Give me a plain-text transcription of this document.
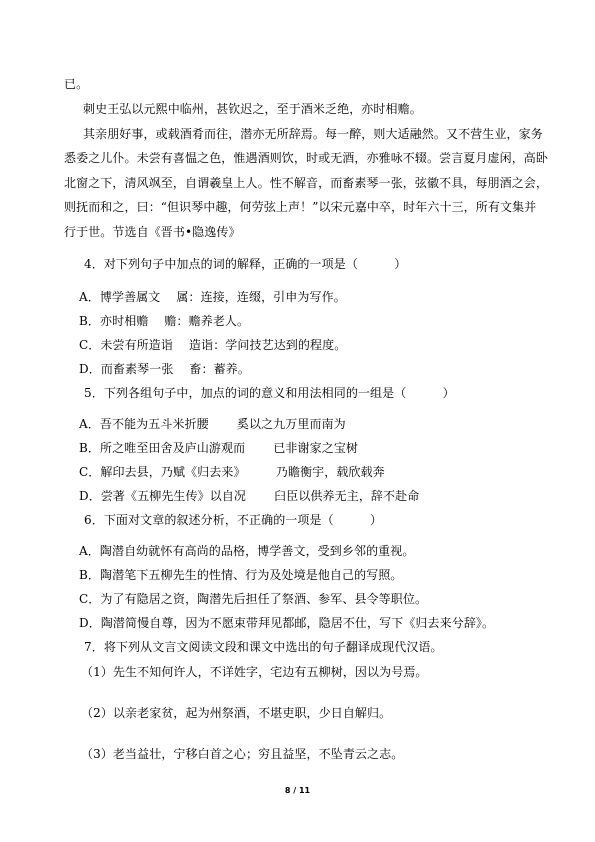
已。
刺史王弘以元熙中临州，甚钦迟之，至于酒米乏绝，亦时相赡。
其亲朋好事，或载酒肴而往，潜亦无所辞焉。每一醉，则大适融然。又不营生业，家务
悉委之儿仆。未尝有喜愠之色，惟遇酒则饮，时或无酒，亦雅咏不辍。尝言夏月虚闲，高卧
北窗之下，清风飒至，自谓羲皇上人。性不解音，而畜素琴一张，弦徽不具，每朋酒之会，
则抚而和之，曰：“但识琴中趣，何劳弦上声！”以宋元嘉中卒，时年六十三，所有文集并
行于世。节选自《晋书•隐逸传》
4．对下列句子中加点的词的解释，正确的一项是（　　　）
A．博学善属文　 属：连接，连缀，引申为写作。
B．亦时相赡　 赡：赡养老人。
C．未尝有所造诣　 造诣：学问技艺达到的程度。
D．而畜素琴一张　 畜：蓄养。
5．下列各组句子中，加点的词的意义和用法相同的一组是（　　　）
A．吾不能为五斗米折腰　　 奚以之九万里而南为
B．所之唯至田舍及庐山游观而　　 已非谢家之宝树
C．解印去县，乃赋《归去来》　　　乃瞻衡宇，载欣载奔
D．尝著《五柳先生传》以自况　　 臼臣以供养无主，辞不赴命
6．下面对文章的叙述分析，不正确的一项是（　　　）
A．陶潜自幼就怀有高尚的品格，博学善文，受到乡邻的重视。
B．陶潜笔下五柳先生的性情、行为及处境是他自己的写照。
C．为了有隐居之资，陶潜先后担任了祭酒、参军、县令等职位。
D．陶潜简慢自尊，因为不愿束带拜见都邮，隐居不仕，写下《归去来兮辞》。
7．将下列从文言文阅读文段和课文中选出的句子翻译成现代汉语。
（1）先生不知何许人，不详姓字，宅边有五柳树，因以为号焉。
（2）以亲老家贫，起为州祭酒，不堪吏职，少日自解归。
（3）老当益壮，宁移白首之心；穷且益坚，不坠青云之志。
8 / 11
